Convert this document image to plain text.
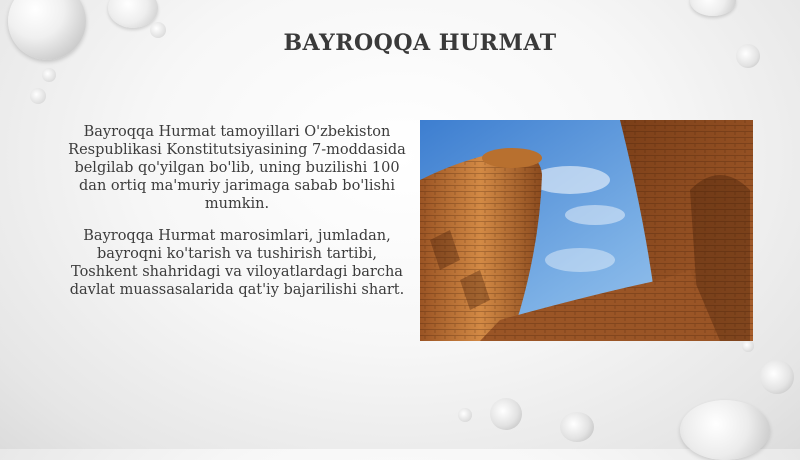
BAYROQQA HURMAT

Bayroqqa Hurmat tamoyillari O'zbekiston Respublikasi Konstitutsiyasining 7-moddasida belgilab qo'yilgan bo'lib, uning buzilishi 100 dan ortiq ma'muriy jarimaga sabab bo'lishi mumkin.

Bayroqqa Hurmat marosimlari, jumladan, bayroqni ko'tarish va tushirish tartibi, Toshkent shahridagi va viloyatlardagi barcha davlat muassasalarida qat'iy bajarilishi shart.
